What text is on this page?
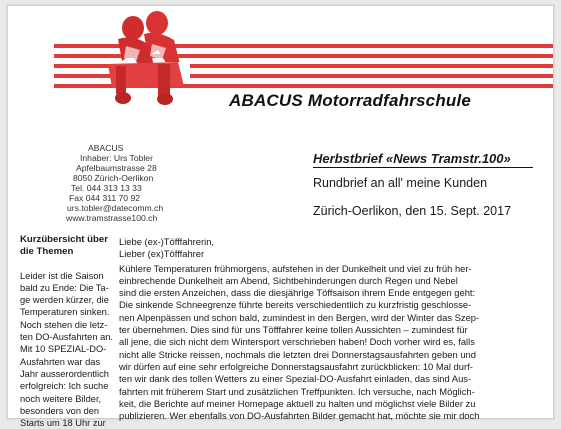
ABACUS Motorradfahrschule
ABACUS
Inhaber: Urs Tobler
Apfelbaumstrasse 28
8050 Zürich-Oerlikon
Tel. 044 313 13 33
Fax 044 311 70 92
urs.tobler@datecomm.ch
www.tramstrasse100.ch
Herbstbrief «News Tramstr.100»
Rundbrief an all' meine Kunden
Zürich-Oerlikon, den 15. Sept. 2017
Kurzübersicht über
die Themen
Leider ist die Saison
bald zu Ende: Die Ta-
ge werden kürzer, die
Temperaturen sinken.
Noch stehen die letz-
ten DO-Ausfahrten an.
Mit 10 SPEZIAL-DO-
Ausfahrten war das
Jahr ausserordentlich
erfolgreich: Ich suche
noch weitere Bilder,
besonders von den
Starts um 18 Uhr zur
Liebe (ex-)Töfffahrerin,
Lieber (ex)Töfffahrer
Kühlere Temperaturen frühmorgens, aufstehen in der Dunkelheit und viel zu früh her-
einbrechende Dunkelheit am Abend, Sichtbehinderungen durch Regen und Nebel
sind die ersten Anzeichen, dass die diesjährige Töffsaison ihrem Ende entgegen geht:
Die sinkende Schneegrenze führte bereits verschiedentlich zu kurzfristig geschlosse-
nen Alpenpässen und schon bald, zumindest in den Bergen, wird der Winter das Szep-
ter übernehmen. Dies sind für uns Töfffahrer keine tollen Aussichten – zumindest für
all jene, die sich nicht dem Wintersport verschrieben haben! Doch vorher wird es, falls
nicht alle Stricke reissen, nochmals die letzten drei Donnerstagsausfahrten geben und
wir dürfen auf eine sehr erfolgreiche Donnerstagsausfahrt zurückblicken: 10 Mal durf-
ten wir dank des tollen Wetters zu einer Spezial-DO-Ausfahrt einladen, das sind Aus-
fahrten mit früherem Start und zusätzlichen Treffpunkten. Ich versuche, nach Möglich-
keit, die Berichte auf meiner Homepage aktuell zu halten und möglichst viele Bilder zu
publizieren. Wer ebenfalls von DO-Ausfahrten Bilder gemacht hat, möchte sie mir doch
